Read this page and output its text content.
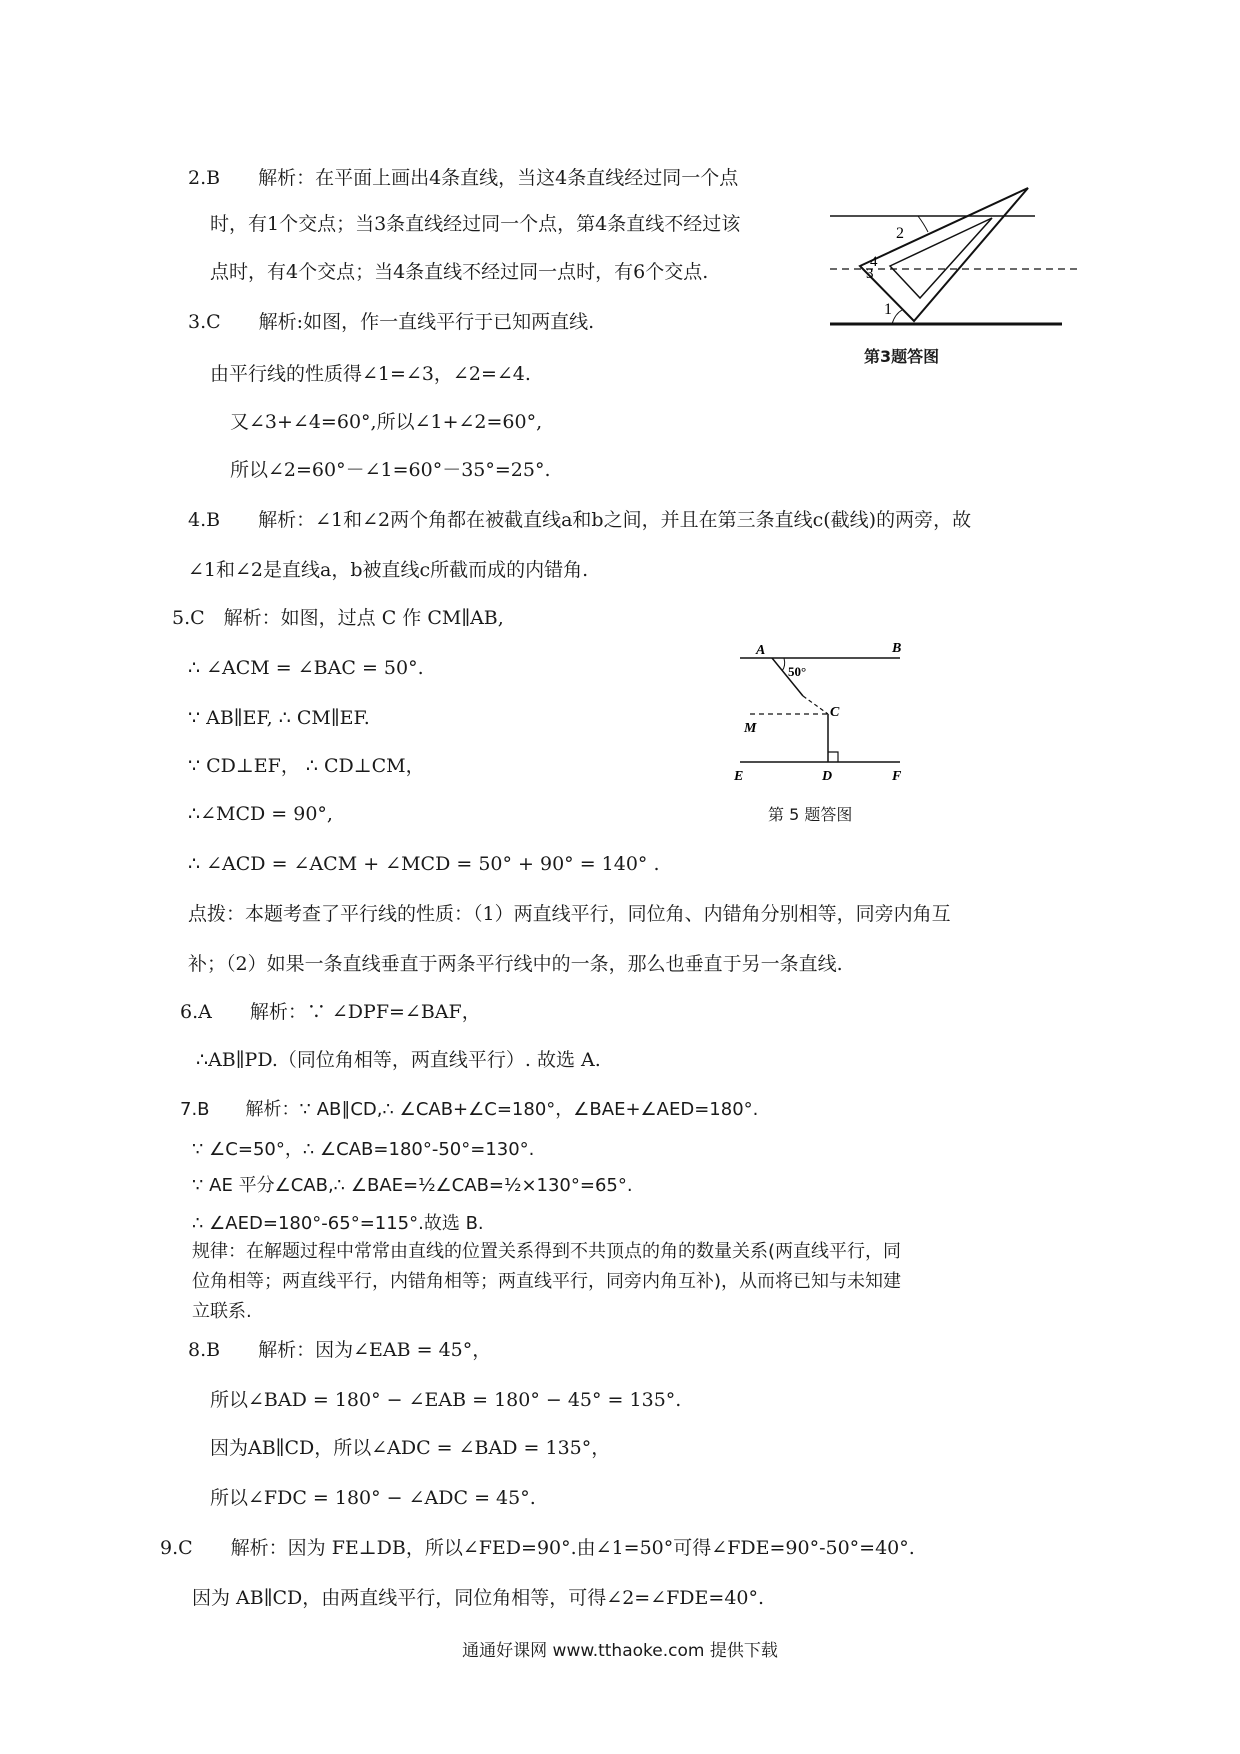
2.B　　解析：在平面上画出4条直线，当这4条直线经过同一个点
时，有1个交点；当3条直线经过同一个点，第4条直线不经过该
点时，有4个交点；当4条直线不经过同一点时，有6个交点.
3.C　　解析:如图，作一直线平行于已知两直线.
由平行线的性质得∠1=∠3，∠2=∠4.
又∠3+∠4=60°,所以∠1+∠2=60°,
所以∠2=60°－∠1=60°－35°=25°.
4.B　　解析：∠1和∠2两个角都在被截直线a和b之间，并且在第三条直线c(截线)的两旁，故
∠1和∠2是直线a，b被直线c所截而成的内错角.
5.C　解析：如图，过点 C 作 CM∥AB,
∴ ∠ACM = ∠BAC = 50°.
∵ AB∥EF, ∴ CM∥EF.
∵ CD⊥EF， ∴ CD⊥CM，
∴∠MCD = 90°,
∴ ∠ACD = ∠ACM + ∠MCD = 50° + 90° = 140° .
点拨：本题考查了平行线的性质：（1）两直线平行，同位角、内错角分别相等，同旁内角互
补；（2）如果一条直线垂直于两条平行线中的一条，那么也垂直于另一条直线.
6.A　　解析：∵ ∠DPF=∠BAF，
∴AB∥PD.（同位角相等，两直线平行）. 故选 A.
7.B　　解析：∵ AB∥CD,∴ ∠CAB+∠C=180°，∠BAE+∠AED=180°.
∵ ∠C=50°，∴ ∠CAB=180°-50°=130°.
∵ AE 平分∠CAB,∴ ∠BAE=½∠CAB=½×130°=65°.
∴ ∠AED=180°-65°=115°.故选 B.
规律：在解题过程中常常由直线的位置关系得到不共顶点的角的数量关系(两直线平行，同
位角相等；两直线平行，内错角相等；两直线平行，同旁内角互补)，从而将已知与未知建
立联系.
8.B　　解析：因为∠EAB = 45°，
所以∠BAD = 180° − ∠EAB = 180° − 45° = 135°.
因为AB∥CD，所以∠ADC = ∠BAD = 135°，
所以∠FDC = 180° − ∠ADC = 45°.
9.C　　解析：因为 FE⊥DB，所以∠FED=90°.由∠1=50°可得∠FDE=90°-50°=40°.
因为 AB∥CD，由两直线平行，同位角相等，可得∠2=∠FDE=40°.
2
1
3
4
第3题答图
A	B
50°
C
M
D
E	F
第 5 题答图
通通好课网 www.tthaoke.com 提供下载
